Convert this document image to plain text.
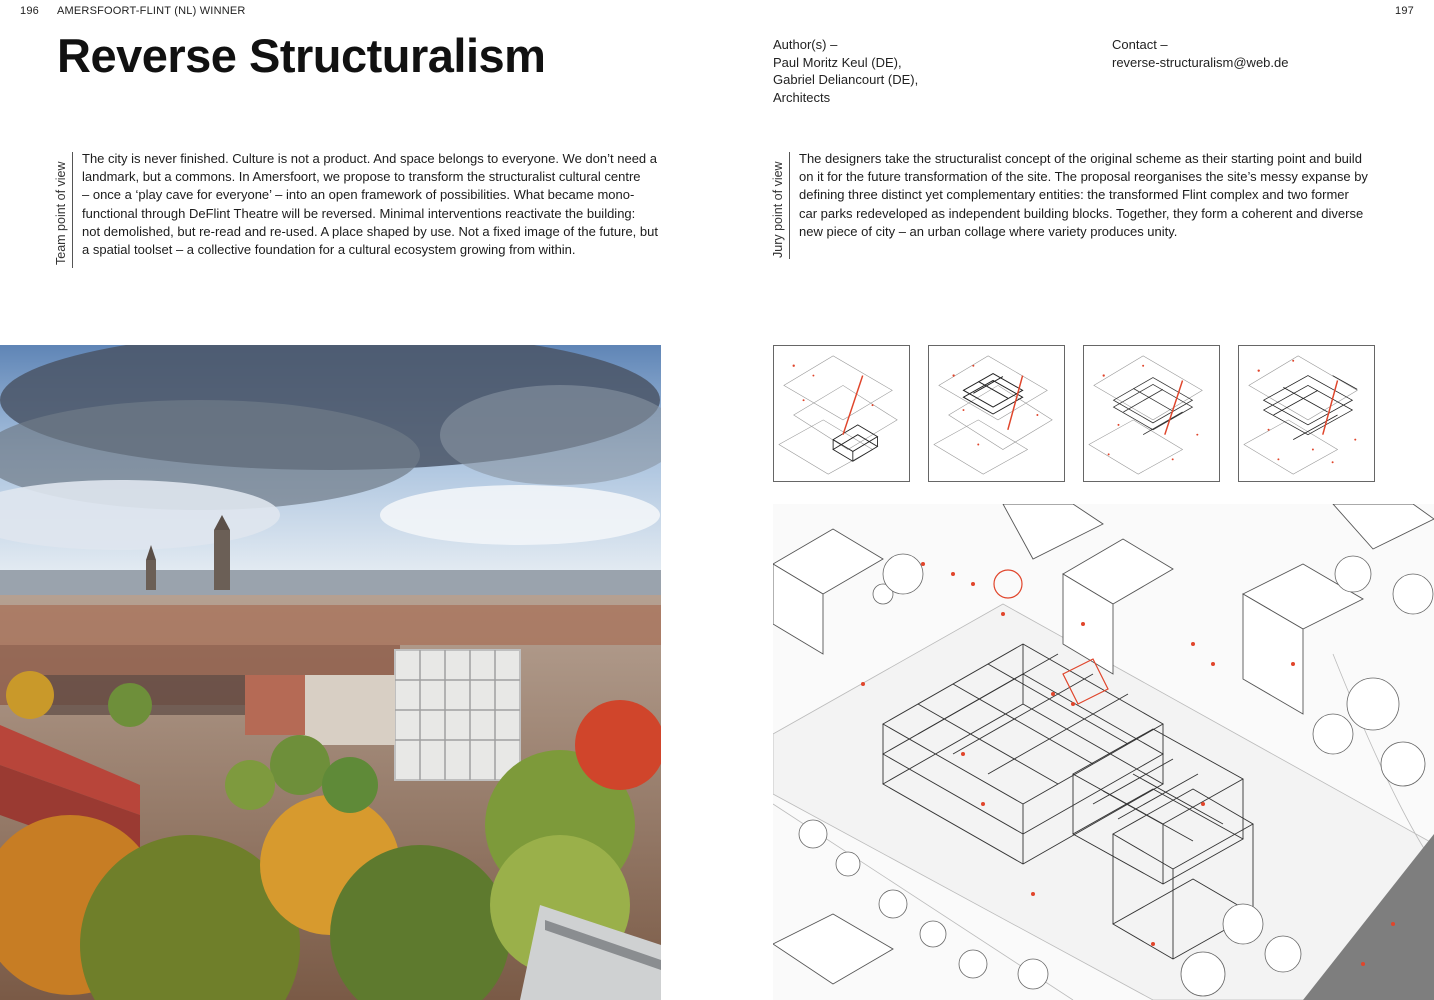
196 AMERSFOORT-FLINT (NL) WINNER	197
Reverse Structuralism	Author(s) –
Paul Moritz Keul (DE),
Gabriel Deliancourt (DE),
Architects
Contact –
reverse-structuralism@web.de
Team point of view
The city is never finished. Culture is not a product. And space belongs to everyone. We don’t need a
landmark, but a commons. In Amersfoort, we propose to transform the structuralist cultural centre
– once a ‘play cave for everyone’ – into an open framework of possibilities. What became mono-
functional through DeFlint Theatre will be reversed. Minimal interventions reactivate the building:
not demolished, but re-read and re-used. A place shaped by use. Not a fixed image of the future, but
a spatial toolset – a collective foundation for a cultural ecosystem growing from within.	Jury point of view
The designers take the structuralist concept of the original scheme as their starting point and build
on it for the future transformation of the site. The proposal reorganises the site’s messy expanse by
defining three distinct yet complementary entities: the transformed Flint complex and two former
car parks redeveloped as independent building blocks. Together, they form a coherent and diverse
new piece of city – an urban collage where variety produces unity.
